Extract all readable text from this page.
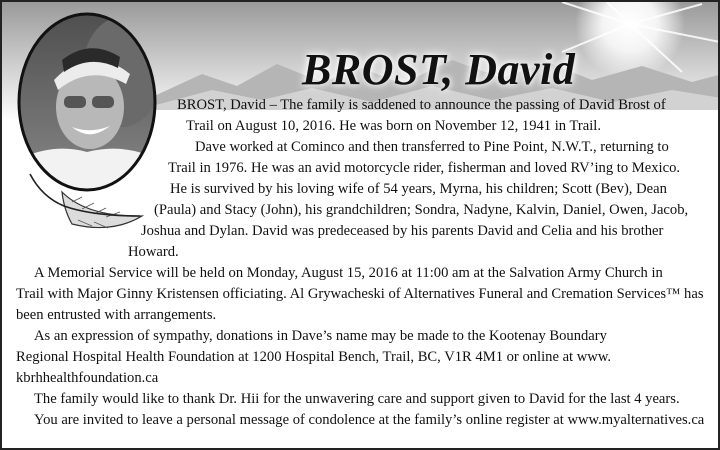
BROST, David

BROST, David – The family is saddened to announce the passing of David Brost of

Trail on August 10, 2016. He was born on November 12, 1941 in Trail.

Dave worked at Cominco and then transferred to Pine Point, N.W.T., returning to

Trail in 1976. He was an avid motorcycle rider, fisherman and loved RV’ing to Mexico.

He is survived by his loving wife of 54 years, Myrna, his children; Scott (Bev), Dean

(Paula) and Stacy (John), his grandchildren; Sondra, Nadyne, Kalvin, Daniel, Owen, Jacob,

Joshua and Dylan. David was predeceased by his parents David and Celia and his brother

Howard.

A Memorial Service will be held on Monday, August 15, 2016 at 11:00 am at the Salvation Army Church in

Trail with Major Ginny Kristensen officiating. Al Grywacheski of Alternatives Funeral and Cremation Services™ has

been entrusted with arrangements.

As an expression of sympathy, donations in Dave’s name may be made to the Kootenay Boundary

Regional Hospital Health Foundation at 1200 Hospital Bench, Trail, BC, V1R 4M1 or online at www.

kbrhhealthfoundation.ca

The family would like to thank Dr. Hii for the unwavering care and support given to David for the last 4 years.

You are invited to leave a personal message of condolence at the family’s online register at www.myalternatives.ca
